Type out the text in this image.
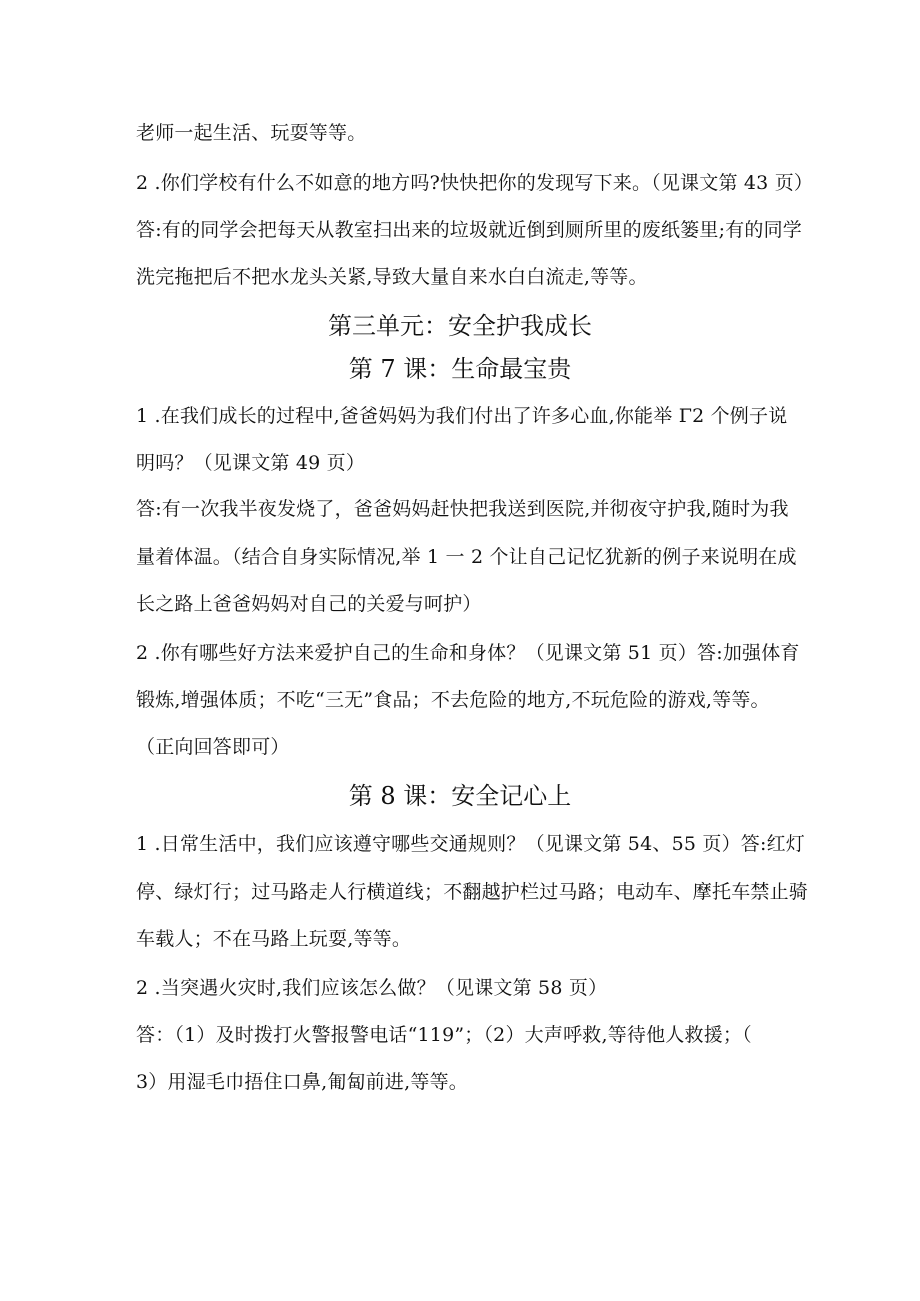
老师一起生活、玩耍等等。
2 .你们学校有什么不如意的地方吗?快快把你的发现写下来。（见课文第 43 页）
答:有的同学会把每天从教室扫出来的垃圾就近倒到厕所里的废纸篓里;有的同学
洗完拖把后不把水龙头关紧,导致大量自来水白白流走,等等。
第三单元：安全护我成长
第 7 课：生命最宝贵
1 .在我们成长的过程中,爸爸妈妈为我们付出了许多心血,你能举 Γ2 个例子说
明吗？（见课文第 49 页）
答:有一次我半夜发烧了，爸爸妈妈赶快把我送到医院,并彻夜守护我,随时为我
量着体温。（结合自身实际情况,举 1 一 2 个让自己记忆犹新的例子来说明在成
长之路上爸爸妈妈对自己的关爱与呵护）
2 .你有哪些好方法来爱护自己的生命和身体？（见课文第 51 页）答:加强体育
锻炼,增强体质；不吃“三无”食品；不去危险的地方,不玩危险的游戏,等等。
（正向回答即可）
第 8 课：安全记心上
1 .日常生活中，我们应该遵守哪些交通规则？（见课文第 54、55 页）答:红灯
停、绿灯行；过马路走人行横道线；不翻越护栏过马路；电动车、摩托车禁止骑
车载人；不在马路上玩耍,等等。
2 .当突遇火灾时,我们应该怎么做？（见课文第 58 页）
答：（1）及时拨打火警报警电话“119”；（2）大声呼救,等待他人救援；（
3）用湿毛巾捂住口鼻,匍匐前进,等等。
